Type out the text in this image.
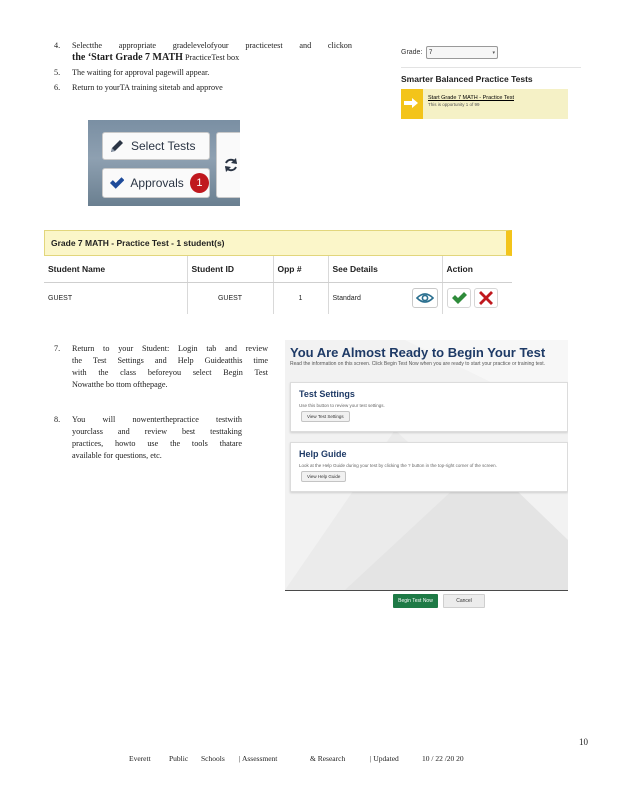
4. Selectthe appropriate gradelevelofyour practicetest and clickon
the ‘Start Grade 7 MATH PracticeTest box
5. The waiting for approval pagewill appear.
6. Return to yourTA training sitetab and approve
Grade: 7	▾
Smarter Balanced Practice Tests
Start Grade 7 MATH - Practice Test
This is opportunity 1 of 99
Select Tests
Approvals	1
Grade 7 MATH - Practice Test - 1 student(s)
Student Name	Student ID	Opp #	See Details	Action
GUEST	GUEST	1	Standard

7. Return to your Student: Login tab and review
the Test Settings and Help Guideatthis time
with the class beforeyou select Begin Test
Nowatthe bo ttom ofthepage.
8. You will nowenterthepractice testwith
yourclass and review best testtaking
practices, howto use the tools thatare
available for questions, etc.
You Are Almost Ready to Begin Your Test
Read the information on this screen. Click Begin Test Now when you are ready to start your practice or training test.
Test Settings
Use this button to review your test settings.
View Test Settings
Help Guide
Look at the Help Guide during your test by clicking the ? button in the top-right corner of the screen.
View Help Guide
Begin Test Now	Cancel
10
Everett	Public	Schools	| Assessment	& Research	| Updated	10 / 22 /20 20
